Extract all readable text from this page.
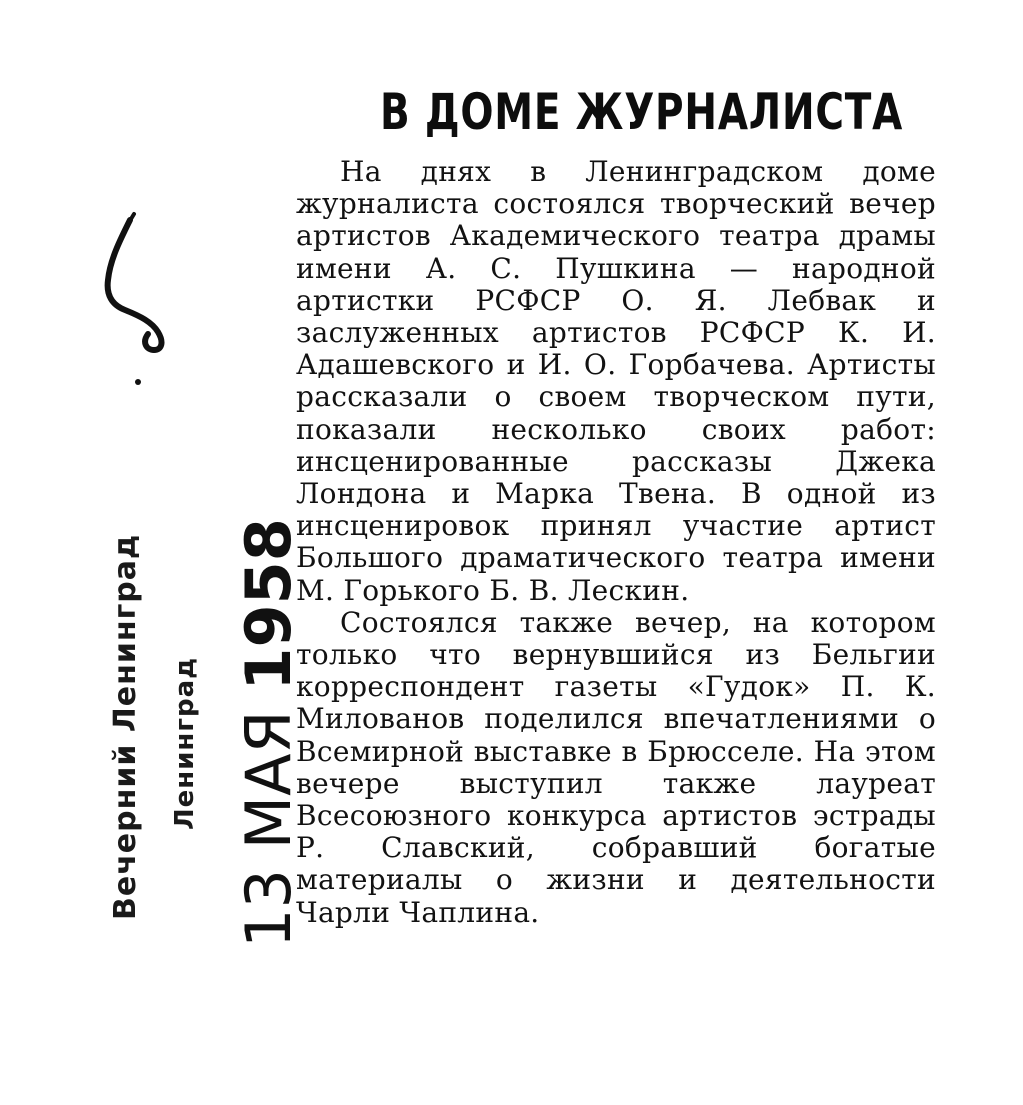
В ДОМЕ ЖУРНАЛИСТА

На днях в Ленинградском доме журналиста состоялся творческий вечер артистов Академического театра драмы имени А. С. Пушкина — народной артистки РСФСР О. Я. Лебвак и заслуженных артистов РСФСР К. И. Адашевского и И. О. Горбачева. Артисты рассказали о своем творческом пути, показали несколько своих работ: инсценированные рассказы Джека Лондона и Марка Твена. В одной из инсценировок принял участие артист Большого драматического театра имени М. Горького Б. В. Лескин.

Состоялся также вечер, на котором только что вернувшийся из Бельгии корреспондент газеты «Гудок» П. К. Милованов поделился впечатлениями о Всемирной выставке в Брюсселе. На этом вечере выступил также лауреат Всесоюзного конкурса артистов эстрады Р. Славский, собравший богатые материалы о жизни и деятельности Чарли Чаплина.

Вечерний Ленинград Ленинград 13 МАЯ 1958
